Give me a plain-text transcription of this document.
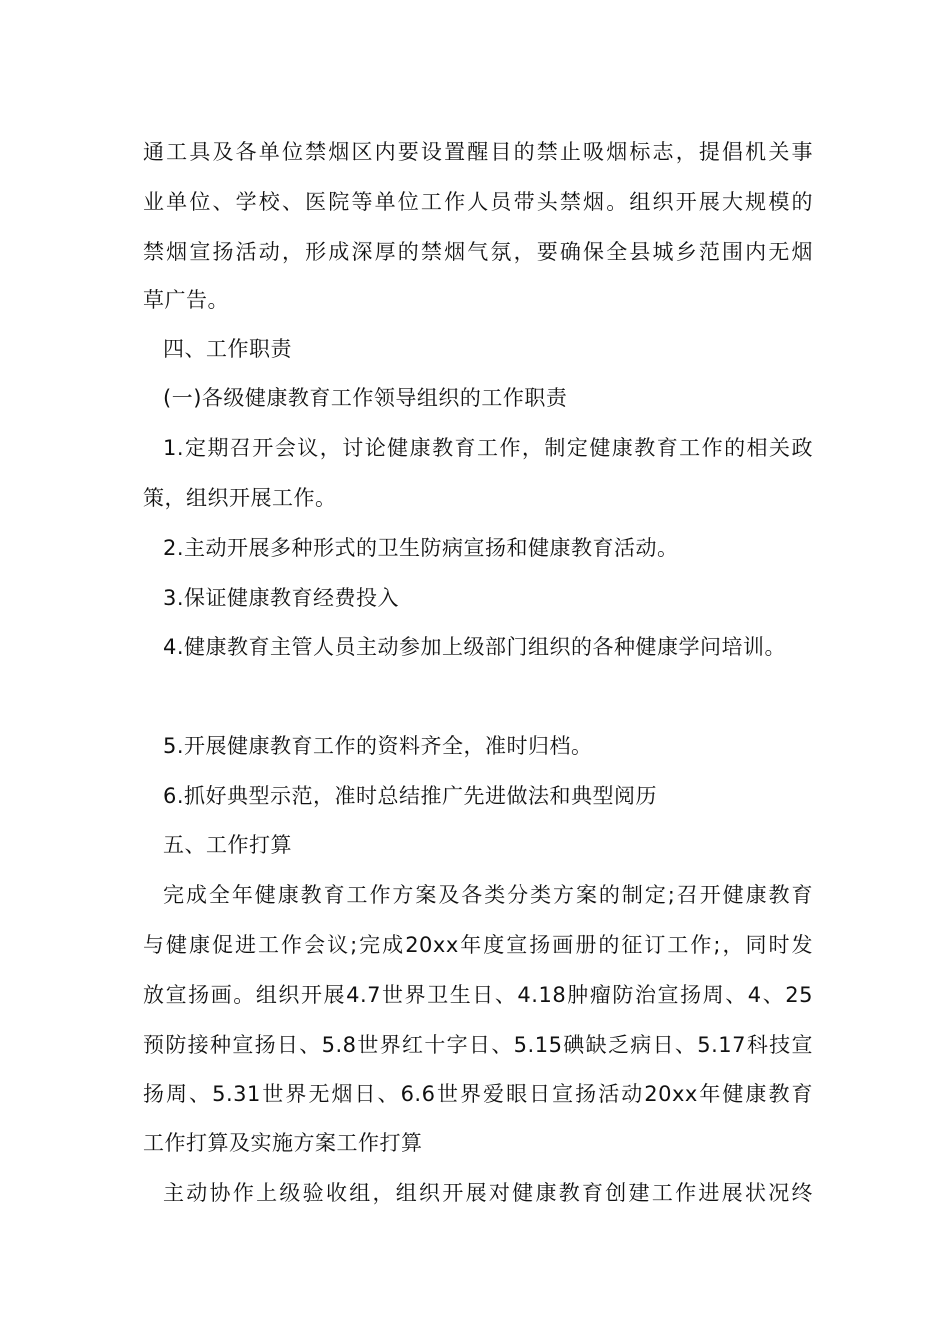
通工具及各单位禁烟区内要设置醒目的禁止吸烟标志，提倡机关事
业单位、学校、医院等单位工作人员带头禁烟。组织开展大规模的
禁烟宣扬活动，形成深厚的禁烟气氛，要确保全县城乡范围内无烟
草广告。
四、工作职责
(一)各级健康教育工作领导组织的工作职责
1.定期召开会议，讨论健康教育工作，制定健康教育工作的相关政
策，组织开展工作。
2.主动开展多种形式的卫生防病宣扬和健康教育活动。
3.保证健康教育经费投入
4.健康教育主管人员主动参加上级部门组织的各种健康学问培训。
5.开展健康教育工作的资料齐全，准时归档。
6.抓好典型示范，准时总结推广先进做法和典型阅历
五、工作打算
完成全年健康教育工作方案及各类分类方案的制定;召开健康教育
与健康促进工作会议;完成20xx年度宣扬画册的征订工作;，同时发
放宣扬画。组织开展4.7世界卫生日、4.18肿瘤防治宣扬周、4、25
预防接种宣扬日、5.8世界红十字日、5.15碘缺乏病日、5.17科技宣
扬周、5.31世界无烟日、6.6世界爱眼日宣扬活动20xx年健康教育
工作打算及实施方案工作打算
主动协作上级验收组，组织开展对健康教育创建工作进展状况终
